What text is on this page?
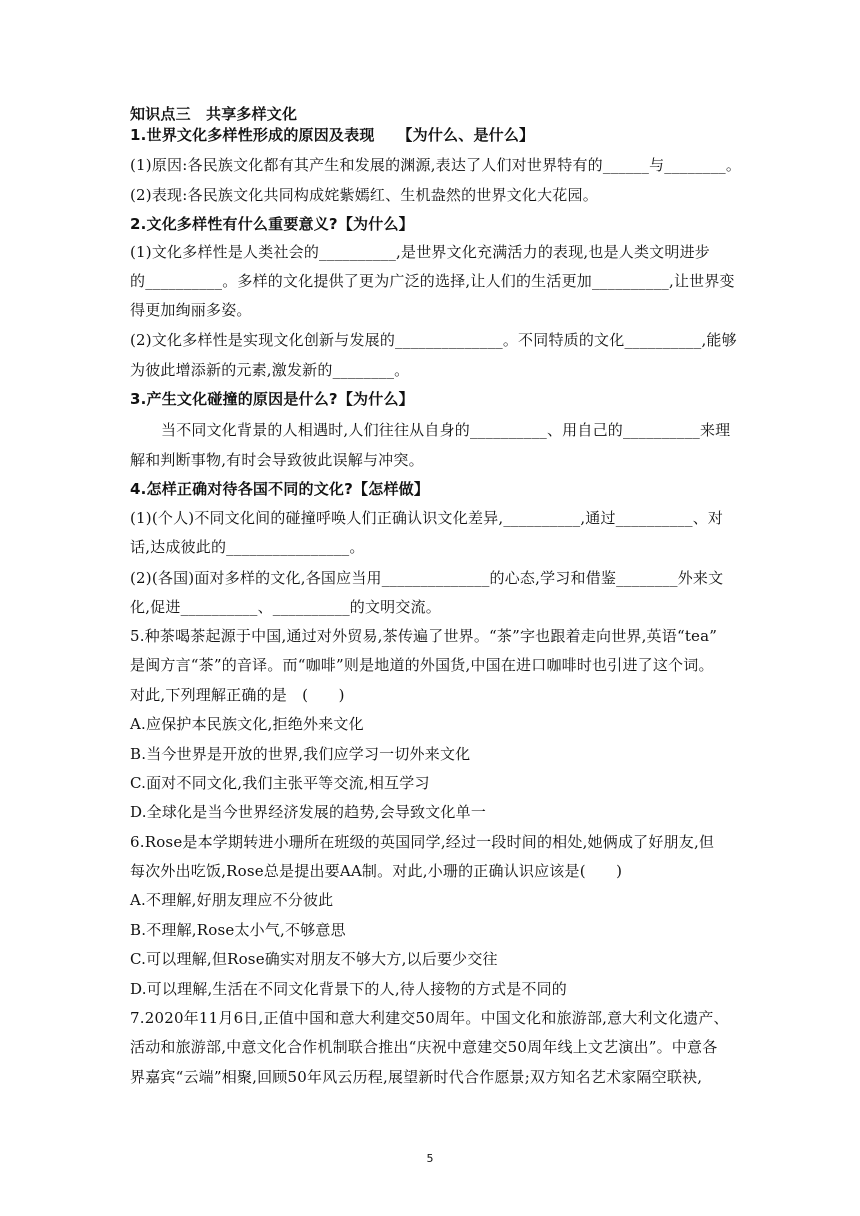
知识点三　共享多样文化
1.世界文化多样性形成的原因及表现　　【为什么、是什么】
(1)原因:各民族文化都有其产生和发展的渊源,表达了人们对世界特有的______与________。
(2)表现:各民族文化共同构成姹紫嫣红、生机盎然的世界文化大花园。
2.文化多样性有什么重要意义?【为什么】
(1)文化多样性是人类社会的__________,是世界文化充满活力的表现,也是人类文明进步
的__________。多样的文化提供了更为广泛的选择,让人们的生活更加__________,让世界变
得更加绚丽多姿。
(2)文化多样性是实现文化创新与发展的______________。不同特质的文化__________,能够
为彼此增添新的元素,激发新的________。
3.产生文化碰撞的原因是什么?【为什么】
当不同文化背景的人相遇时,人们往往从自身的__________、用自己的__________来理
解和判断事物,有时会导致彼此误解与冲突。
4.怎样正确对待各国不同的文化?【怎样做】
(1)(个人)不同文化间的碰撞呼唤人们正确认识文化差异,__________,通过__________、对
话,达成彼此的________________。
(2)(各国)面对多样的文化,各国应当用______________的心态,学习和借鉴________外来文
化,促进__________、__________的文明交流。
5.种茶喝茶起源于中国,通过对外贸易,茶传遍了世界。“茶”字也跟着走向世界,英语“tea”
是闽方言“茶”的音译。而“咖啡”则是地道的外国货,中国在进口咖啡时也引进了这个词。
对此,下列理解正确的是　(　　)
A.应保护本民族文化,拒绝外来文化
B.当今世界是开放的世界,我们应学习一切外来文化
C.面对不同文化,我们主张平等交流,相互学习
D.全球化是当今世界经济发展的趋势,会导致文化单一
6.Rose是本学期转进小珊所在班级的英国同学,经过一段时间的相处,她俩成了好朋友,但
每次外出吃饭,Rose总是提出要AA制。对此,小珊的正确认识应该是(　　)
A.不理解,好朋友理应不分彼此
B.不理解,Rose太小气,不够意思
C.可以理解,但Rose确实对朋友不够大方,以后要少交往
D.可以理解,生活在不同文化背景下的人,待人接物的方式是不同的
7.2020年11月6日,正值中国和意大利建交50周年。中国文化和旅游部,意大利文化遗产、
活动和旅游部,中意文化合作机制联合推出“庆祝中意建交50周年线上文艺演出”。中意各
界嘉宾“云端”相聚,回顾50年风云历程,展望新时代合作愿景;双方知名艺术家隔空联袂,
5
